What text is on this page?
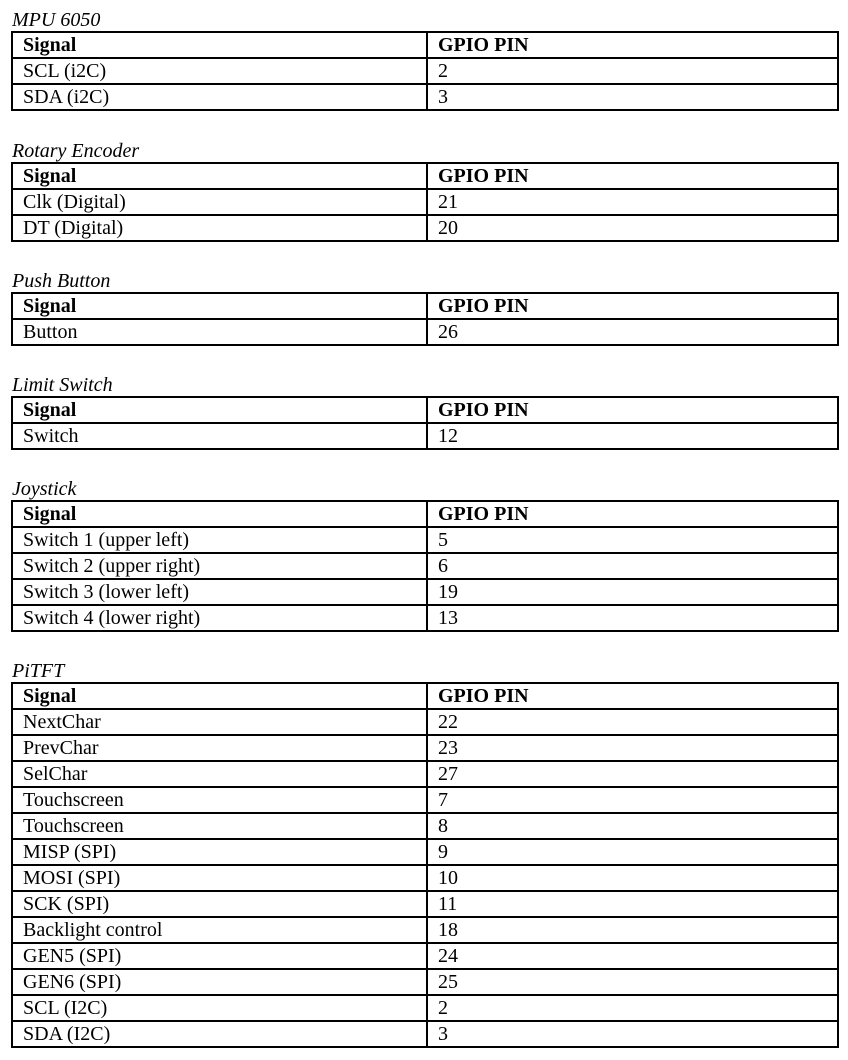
MPU 6050
Signal	GPIO PIN
SCL (i2C)	2
SDA (i2C)	3
Rotary Encoder
Signal	GPIO PIN
Clk (Digital)	21
DT (Digital)	20
Push Button
Signal	GPIO PIN
Button	26
Limit Switch
Signal	GPIO PIN
Switch	12
Joystick
Signal	GPIO PIN
Switch 1 (upper left)	5
Switch 2 (upper right)	6
Switch 3 (lower left)	19
Switch 4 (lower right)	13
PiTFT
Signal	GPIO PIN
NextChar	22
PrevChar	23
SelChar	27
Touchscreen	7
Touchscreen	8
MISP (SPI)	9
MOSI (SPI)	10
SCK (SPI)	11
Backlight control	18
GEN5 (SPI)	24
GEN6 (SPI)	25
SCL (I2C)	2
SDA (I2C)	3
